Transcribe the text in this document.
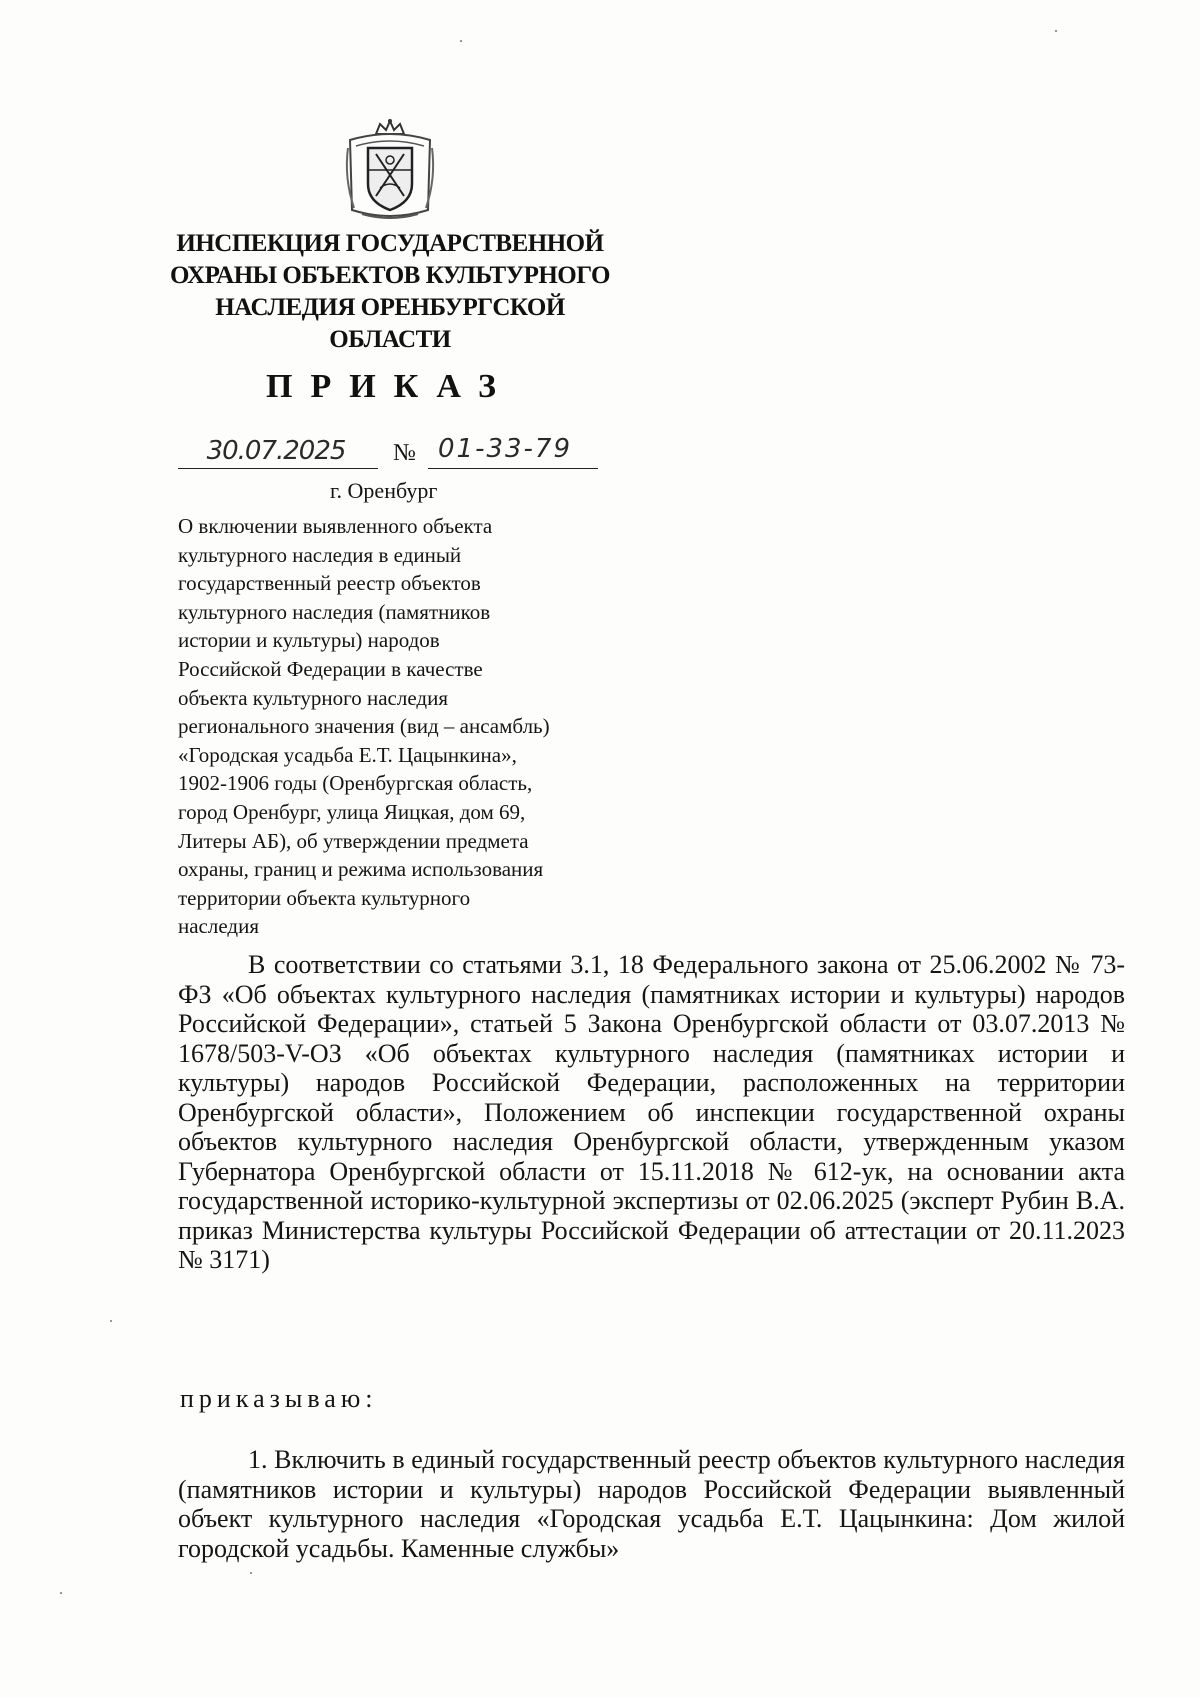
ИНСПЕКЦИЯ ГОСУДАРСТВЕННОЙ
ОХРАНЫ ОБЪЕКТОВ КУЛЬТУРНОГО
НАСЛЕДИЯ ОРЕНБУРГСКОЙ
ОБЛАСТИ
ПРИКАЗ
30.07.2025	№ 01-33-79
г. Оренбург
О включении выявленного объекта
культурного наследия в единый
государственный реестр объектов
культурного наследия (памятников
истории и культуры) народов
Российской Федерации в качестве
объекта культурного наследия
регионального значения (вид – ансамбль)
«Городская усадьба Е.Т. Цацынкина»,
1902-1906 годы (Оренбургская область,
город Оренбург, улица Яицкая, дом 69,
Литеры АБ), об утверждении предмета
охраны, границ и режима использования
территории объекта культурного
наследия

В соответствии со статьями 3.1, 18 Федерального закона от 25.06.2002 № 73-ФЗ «Об объектах культурного наследия (памятниках истории и культуры) народов Российской Федерации», статьей 5 Закона Оренбургской области от 03.07.2013 № 1678/503-V-ОЗ «Об объектах культурного наследия (памятниках истории и культуры) народов Российской Федерации, расположенных на территории Оренбургской области», Положением об инспекции государственной охраны объектов культурного наследия Оренбургской области, утвержденным указом Губернатора Оренбургской области от 15.11.2018 № 612-ук, на основании акта государственной историко-культурной экспертизы от 02.06.2025 (эксперт Рубин В.А. приказ Министерства культуры Российской Федерации об аттестации от 20.11.2023 № 3171)

приказываю:

1. Включить в единый государственный реестр объектов культурного наследия (памятников истории и культуры) народов Российской Федерации выявленный объект культурного наследия «Городская усадьба Е.Т. Цацынкина: Дом жилой городской усадьбы. Каменные службы»
